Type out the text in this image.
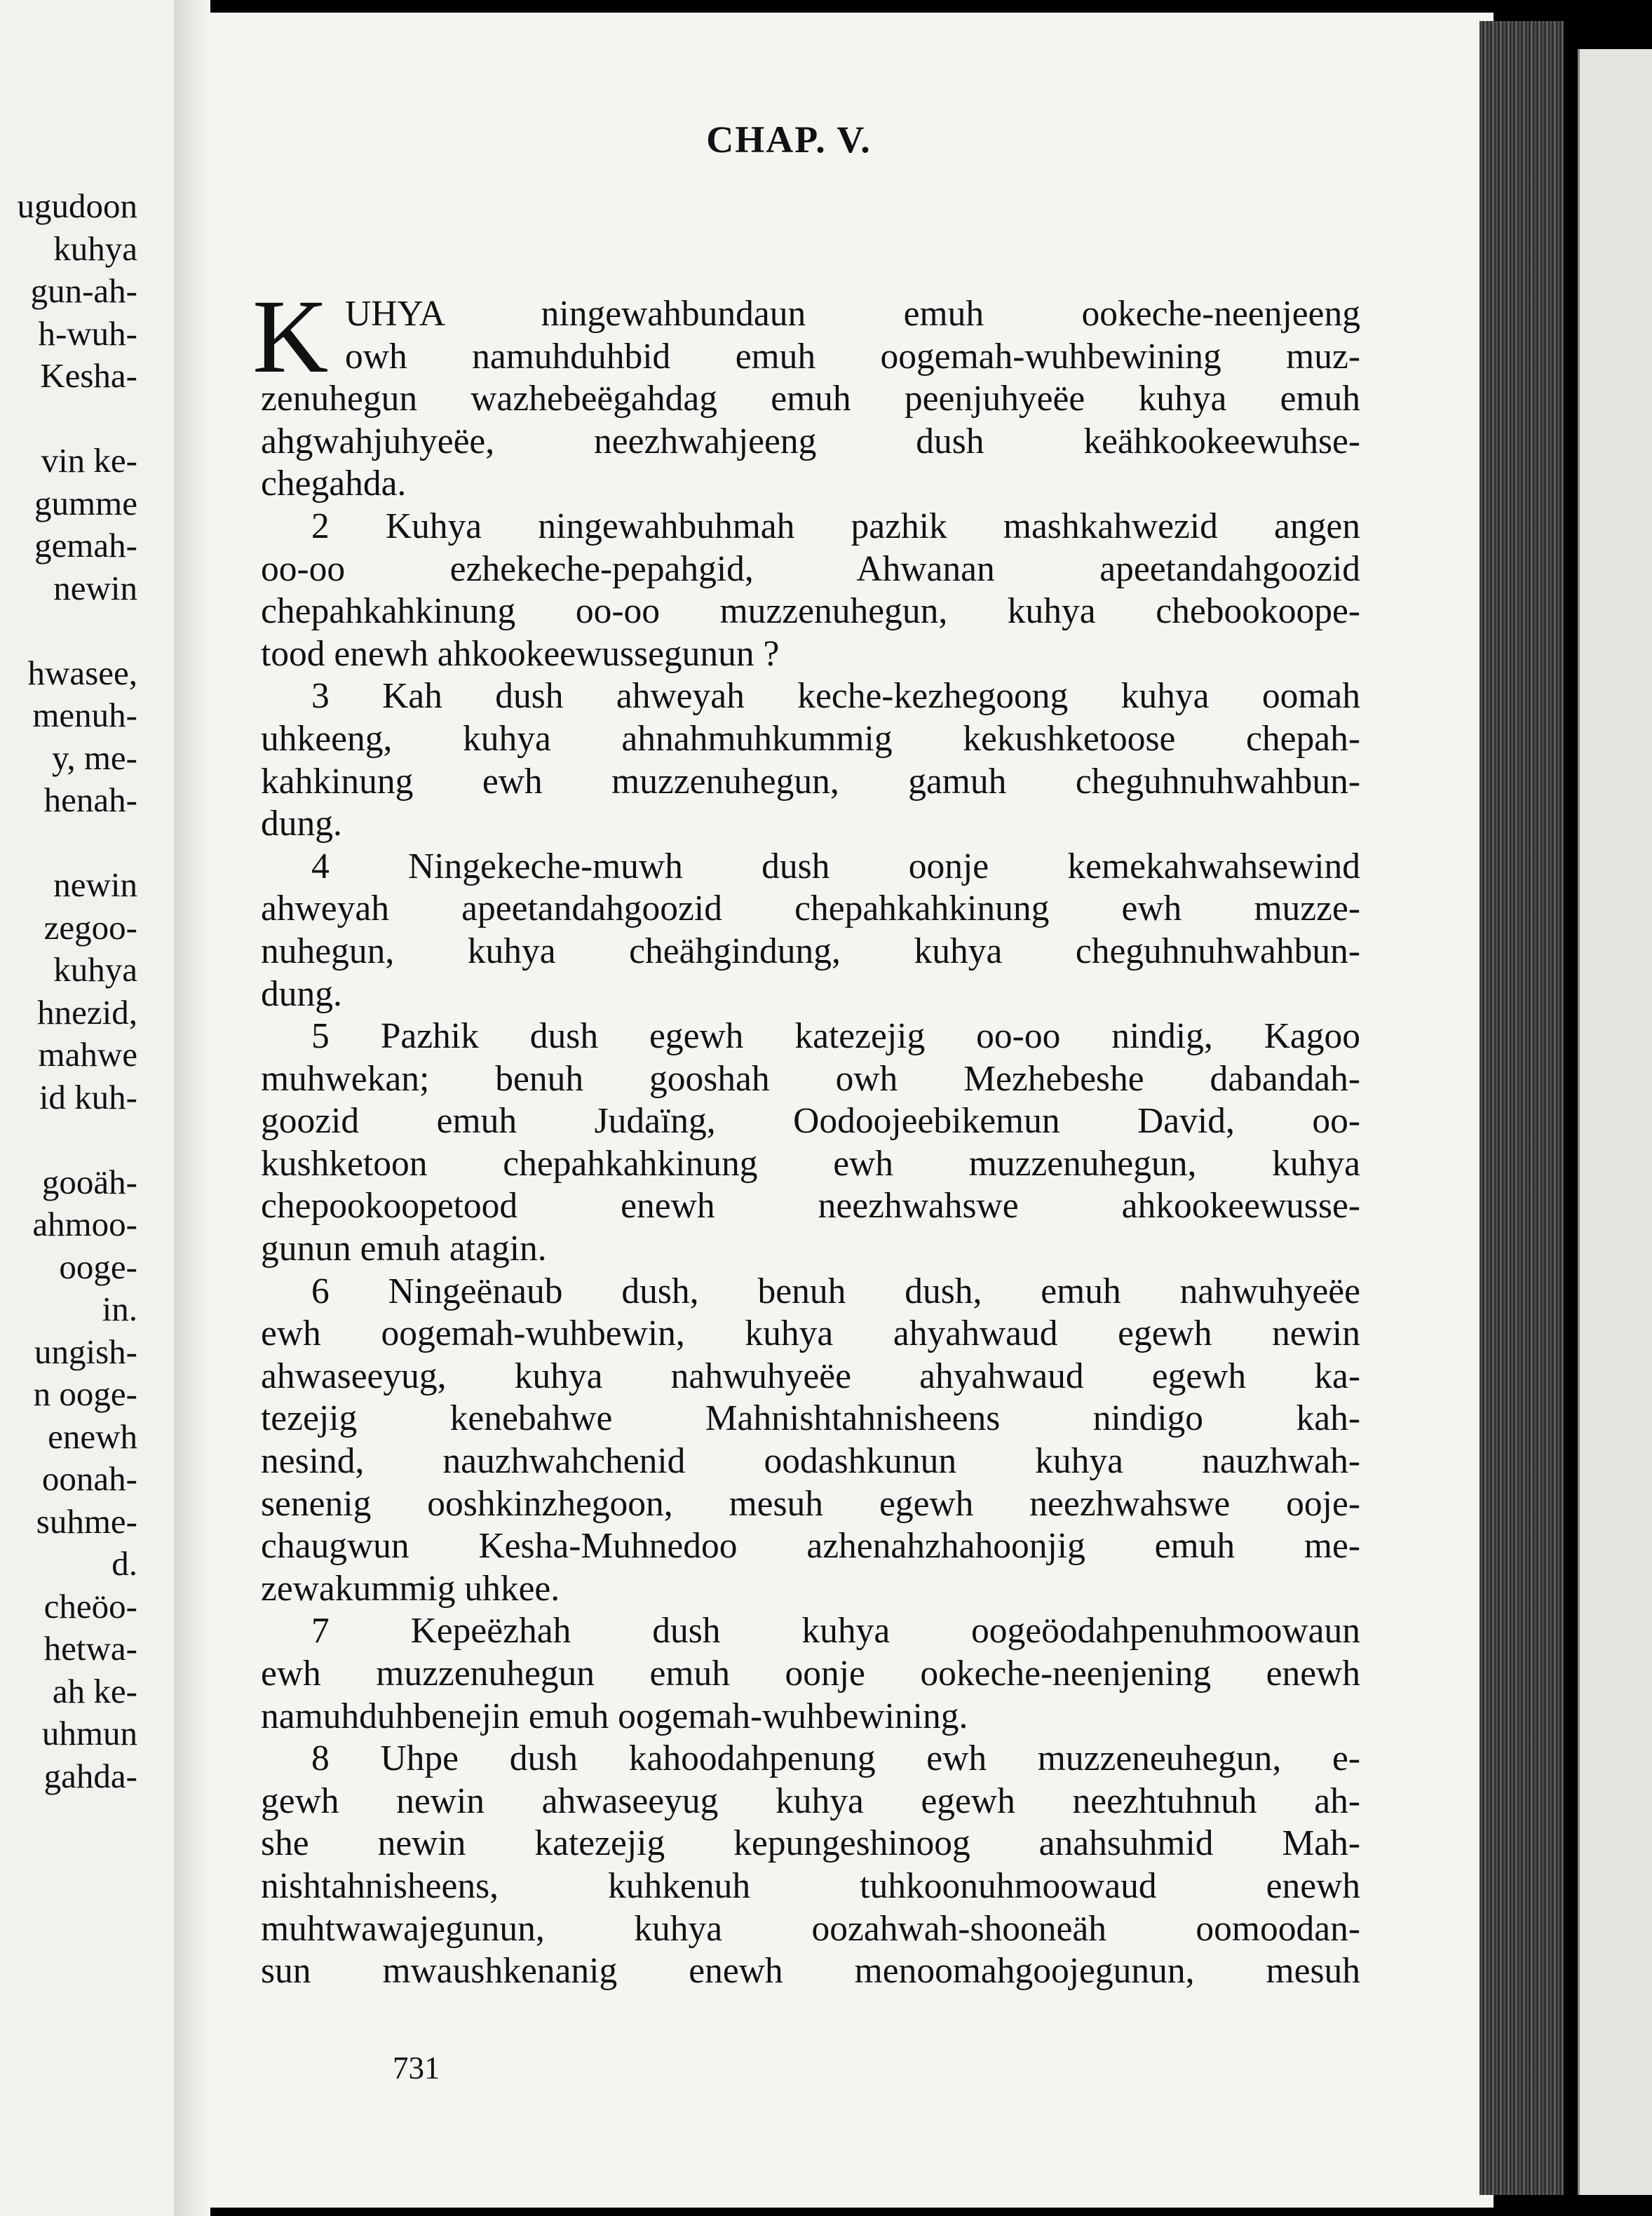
ugudoon
kuhya
gun-ah-
h-wuh-
Kesha-
vin ke-
gumme
gemah-
newin
hwasee,
menuh-
y, me-
henah-
newin
zegoo-
kuhya
hnezid,
mahwe
id kuh-
gooäh-
ahmoo-
ooge-
in.
ungish-
n ooge-
enewh
oonah-
suhme-
d.
cheöo-
hetwa-
ah ke-
uhmun
gahda-
CHAP. V.
K UHYA ningewahbundaun emuh ookeche-neenjeeng
owh namuhduhbid emuh oogemah-wuhbewining muz-
zenuhegun wazhebeëgahdag emuh peenjuhyeëe kuhya emuh
ahgwahjuhyeëe, neezhwahjeeng dush keähkookeewuhse-
chegahda.
2 Kuhya ningewahbuhmah pazhik mashkahwezid angen
oo-oo ezhekeche-pepahgid, Ahwanan apeetandahgoozid
chepahkahkinung oo-oo muzzenuhegun, kuhya chebookoope-
tood enewh ahkookeewussegunun ?
3 Kah dush ahweyah keche-kezhegoong kuhya oomah
uhkeeng, kuhya ahnahmuhkummig kekushketoose chepah-
kahkinung ewh muzzenuhegun, gamuh cheguhnuhwahbun-
dung.
4 Ningekeche-muwh dush oonje kemekahwahsewind
ahweyah apeetandahgoozid chepahkahkinung ewh muzze-
nuhegun, kuhya cheähgindung, kuhya cheguhnuhwahbun-
dung.
5 Pazhik dush egewh katezejig oo-oo nindig, Kagoo
muhwekan; benuh gooshah owh Mezhebeshe dabandah-
goozid emuh Judaïng, Oodoojeebikemun David, oo-
kushketoon chepahkahkinung ewh muzzenuhegun, kuhya
chepookoopetood enewh neezhwahswe ahkookeewusse-
gunun emuh atagin.
6 Ningeënaub dush, benuh dush, emuh nahwuhyeëe
ewh oogemah-wuhbewin, kuhya ahyahwaud egewh newin
ahwaseeyug, kuhya nahwuhyeëe ahyahwaud egewh ka-
tezejig kenebahwe Mahnishtahnisheens nindigo kah-
nesind, nauzhwahchenid oodashkunun kuhya nauzhwah-
senenig ooshkinzhegoon, mesuh egewh neezhwahswe ooje-
chaugwun Kesha-Muhnedoo azhenahzhahoonjig emuh me-
zewakummig uhkee.
7 Kepeëzhah dush kuhya oogeöodahpenuhmoowaun
ewh muzzenuhegun emuh oonje ookeche-neenjening enewh
namuhduhbenejin emuh oogemah-wuhbewining.
8 Uhpe dush kahoodahpenung ewh muzzeneuhegun, e-
gewh newin ahwaseeyug kuhya egewh neezhtuhnuh ah-
she newin katezejig kepungeshinoog anahsuhmid Mah-
nishtahnisheens, kuhkenuh tuhkoonuhmoowaud enewh
muhtwawajegunun, kuhya oozahwah-shooneäh oomoodan-
sun mwaushkenanig enewh menoomahgoojegunun, mesuh
731
